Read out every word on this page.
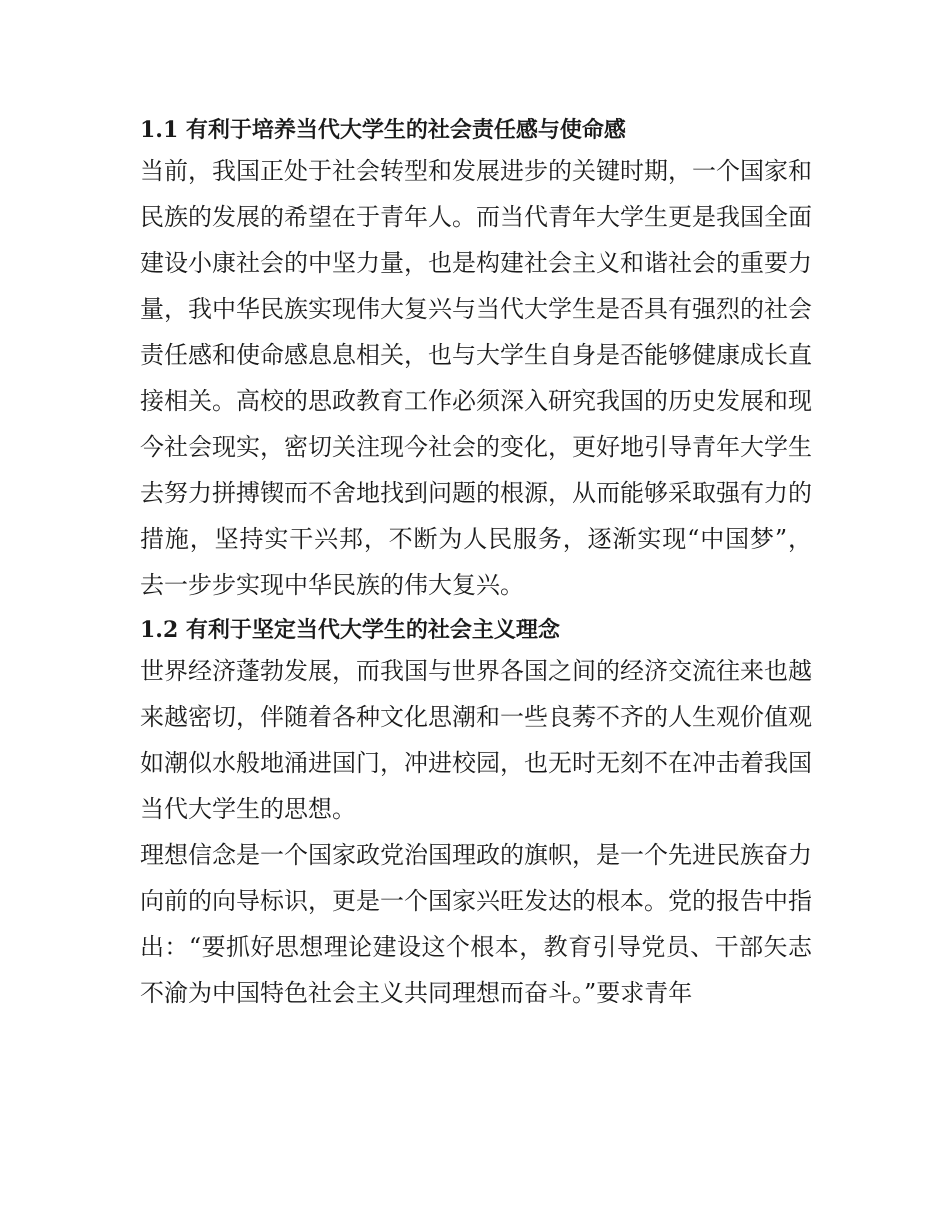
1.1 有利于培养当代大学生的社会责任感与使命感

当前，我国正处于社会转型和发展进步的关键时期，一个国家和民族的发展的希望在于青年人。而当代青年大学生更是我国全面建设小康社会的中坚力量，也是构建社会主义和谐社会的重要力量，我中华民族实现伟大复兴与当代大学生是否具有强烈的社会责任感和使命感息息相关，也与大学生自身是否能够健康成长直接相关。高校的思政教育工作必须深入研究我国的历史发展和现今社会现实，密切关注现今社会的变化，更好地引导青年大学生去努力拼搏锲而不舍地找到问题的根源，从而能够采取强有力的措施，坚持实干兴邦，不断为人民服务，逐渐实现“中国梦”，去一步步实现中华民族的伟大复兴。

1.2 有利于坚定当代大学生的社会主义理念

世界经济蓬勃发展，而我国与世界各国之间的经济交流往来也越来越密切，伴随着各种文化思潮和一些良莠不齐的人生观价值观如潮似水般地涌进国门，冲进校园，也无时无刻不在冲击着我国当代大学生的思想。

理想信念是一个国家政党治国理政的旗帜，是一个先进民族奋力向前的向导标识，更是一个国家兴旺发达的根本。党的报告中指出：“要抓好思想理论建设这个根本，教育引导党员、干部矢志不渝为中国特色社会主义共同理想而奋斗。”要求青年
